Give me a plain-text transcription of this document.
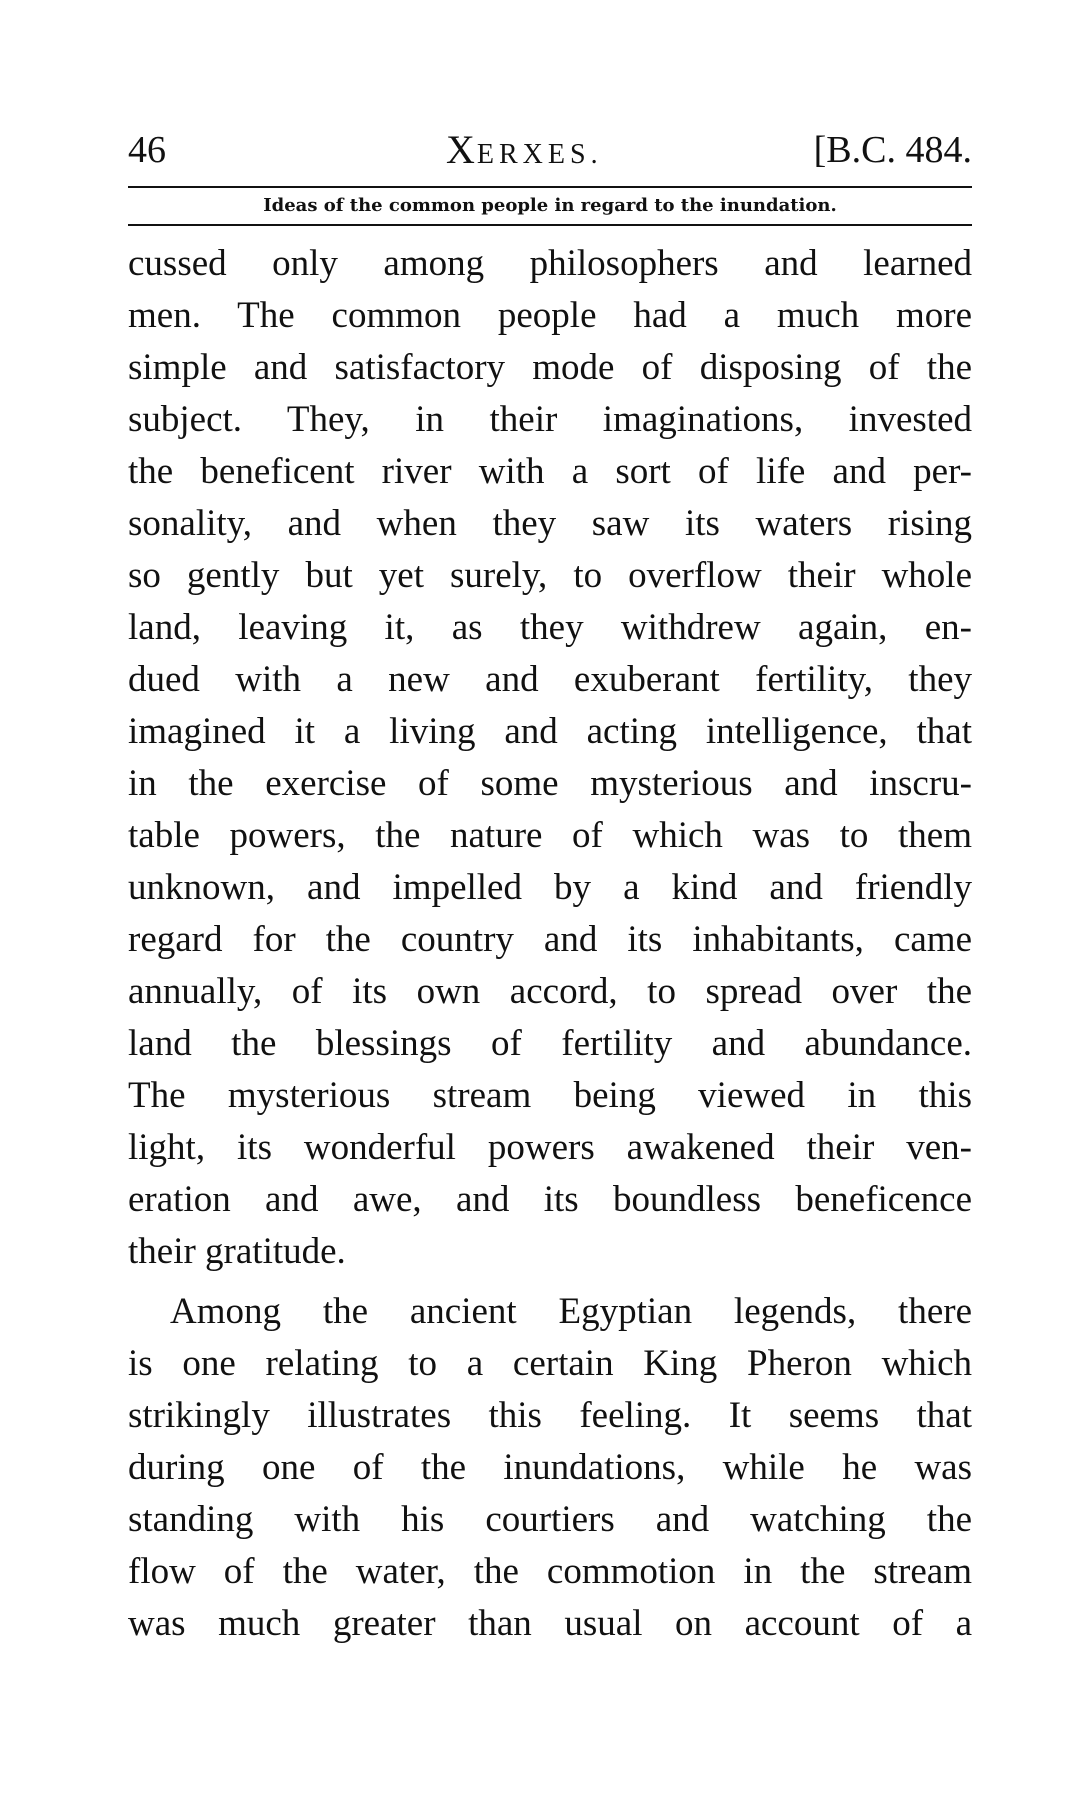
46	XERXES.	[B.C. 484.
Ideas of the common people in regard to the inundation.
cussed only among philosophers and learned
men. The common people had a much more
simple and satisfactory mode of disposing of the
subject. They, in their imaginations, invested
the beneficent river with a sort of life and per-
sonality, and when they saw its waters rising
so gently but yet surely, to overflow their whole
land, leaving it, as they withdrew again, en-
dued with a new and exuberant fertility, they
imagined it a living and acting intelligence, that
in the exercise of some mysterious and inscru-
table powers, the nature of which was to them
unknown, and impelled by a kind and friendly
regard for the country and its inhabitants, came
annually, of its own accord, to spread over the
land the blessings of fertility and abundance.
The mysterious stream being viewed in this
light, its wonderful powers awakened their ven-
eration and awe, and its boundless beneficence
their gratitude.
Among the ancient Egyptian legends, there
is one relating to a certain King Pheron which
strikingly illustrates this feeling. It seems that
during one of the inundations, while he was
standing with his courtiers and watching the
flow of the water, the commotion in the stream
was much greater than usual on account of a
